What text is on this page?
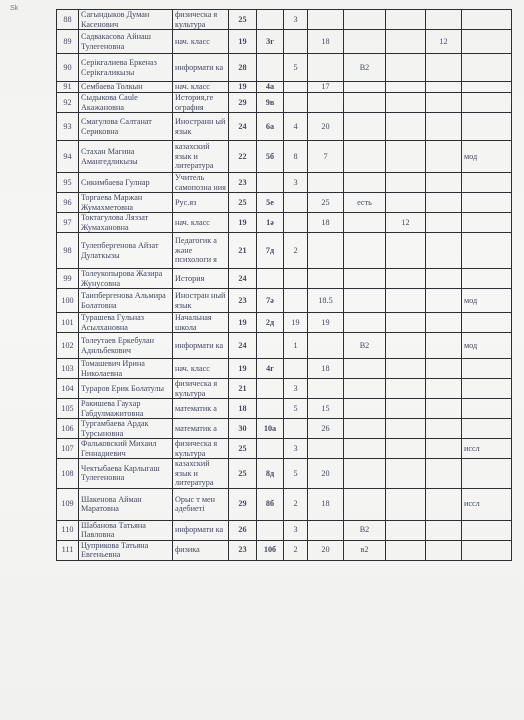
Sk
88	Сагындыков Думан Касенович	физическа я культура	25		3					
89	Садвакасова Айнаш Тулегеновна	нач. класс	19	3г		18			12	
90	Серікғалиева Еркеназ Серікғаликызы	информати ка	28		5		В2			
91	Сембаева Толкын	нач. класс	19	4а		17				
92	Сыдыкова Саule Акажановна	История,ге ография	29	9в						
93	Смагулова Салтанат Сериковна	Иностранн ый язык	24	6а	4	20				
94	Стахан Магина Амангедликызы	казахский язык и литература	22	5б	8	7				мод
95	Сикимбаева Гулнар	Учитель самопозна ния	23		3					
96	Торгаева Маржан Жумахметовна	Рус.яз	25	5е		25	есть			
97	Токтагулова Ляззат Жумахановна	нач. класс	19	1ә		18		12		
98	Тулепбергенова Айзат Дулаткызы	Педагогик а және психологи я	21	7д	2					
99	Толеукопырова Жазира Жунусовна	История	24							
100	Таипбергенова Альмира Болатовна	Иностран ный язык	23	7ә		18.5				мод
101	Турашева Гульназ Асылхановна	Начальная школа	19	2д	19	19				
102	Толеутаев Еркебулан Адильбекович	информати ка	24		1		В2			мод
103	Томашевич Ирина Николаевна	нач. класс	19	4г		18				
104	Тураров Ерик Болатулы	физическа я культура	21		3					
105	Ракишева Гаухар Габдулмажитовна	математик а	18		5	15				
106	Тургамбаева Ардак Турсыновна	математик а	30	10а		26				
107	Фальковский Михаил Геннадиевич	физическа я культура	25		3					иссл
108	Чектыбаева Карлыгаш Тулегеновна	казахский язык и литература	25	8д	5	20				
109	Шакенова Айман Маратовна	Орыс т мен әдебиеті	29	8б	2	18				иссл
110	Шабанова Татьяна Павловна	информати ка	26		3		В2			
111	Цуприкова Татьяна Евгеньевна	физика	23	10б	2	20	в2			
